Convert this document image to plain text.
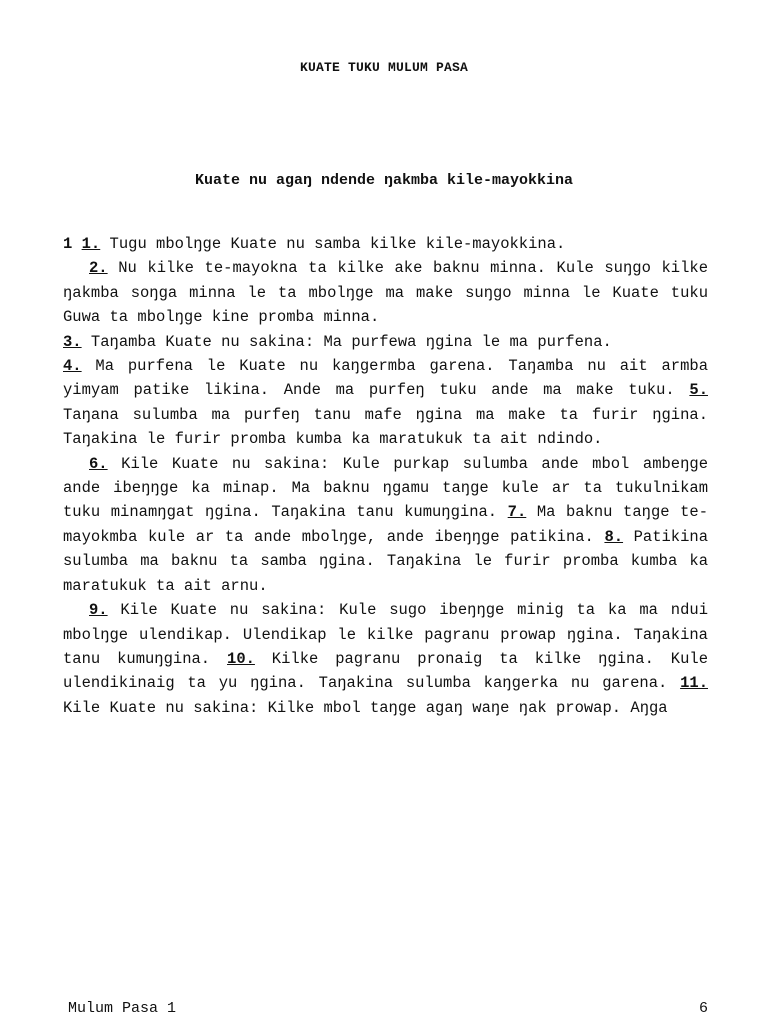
KUATE TUKU MULUM PASA
Kuate nu agaŋ ndende ŋakmba kile-mayokkina

1 1. Tugu mbolŋge Kuate nu samba kilke kile-mayokkina.

2. Nu kilke te-mayokna ta kilke ake baknu minna. Kule suŋgo kilke ŋakmba soŋga minna le ta mbolŋge ma make suŋgo minna le Kuate tuku Guwa ta mbolŋge kine promba minna.

3. Taŋamba Kuate nu sakina: Ma purfewa ŋgina le ma purfena.

4. Ma purfena le Kuate nu kaŋgermba garena. Taŋamba nu ait armba yimyam patike likina. Ande ma purfeŋ tuku ande ma make tuku. 5. Taŋana sulumba ma purfeŋ tanu mafe ŋgina ma make ta furir ŋgina. Taŋakina le furir promba kumba ka maratukuk ta ait ndindo.

6. Kile Kuate nu sakina: Kule purkap sulumba ande mbol ambeŋge ande ibeŋŋge ka minap. Ma baknu ŋgamu taŋge kule ar ta tukulnikam tuku minamŋgat ŋgina. Taŋakina tanu kumuŋgina. 7. Ma baknu taŋge te-mayokmba kule ar ta ande mbolŋge, ande ibeŋŋge patikina. 8. Patikina sulumba ma baknu ta samba ŋgina. Taŋakina le furir promba kumba ka maratukuk ta ait arnu.

9. Kile Kuate nu sakina: Kule sugo ibeŋŋge minig ta ka ma ndui mbolŋge ulendikap. Ulendikap le kilke pagranu prowap ŋgina. Taŋakina tanu kumuŋgina. 10. Kilke pagranu pronaig ta kilke ŋgina. Kule ulendikinaig ta yu ŋgina. Taŋakina sulumba kaŋgerka nu garena. 11. Kile Kuate nu sakina: Kilke mbol taŋge agaŋ waŋe ŋak prowap. Aŋga

Mulum Pasa 1	6
